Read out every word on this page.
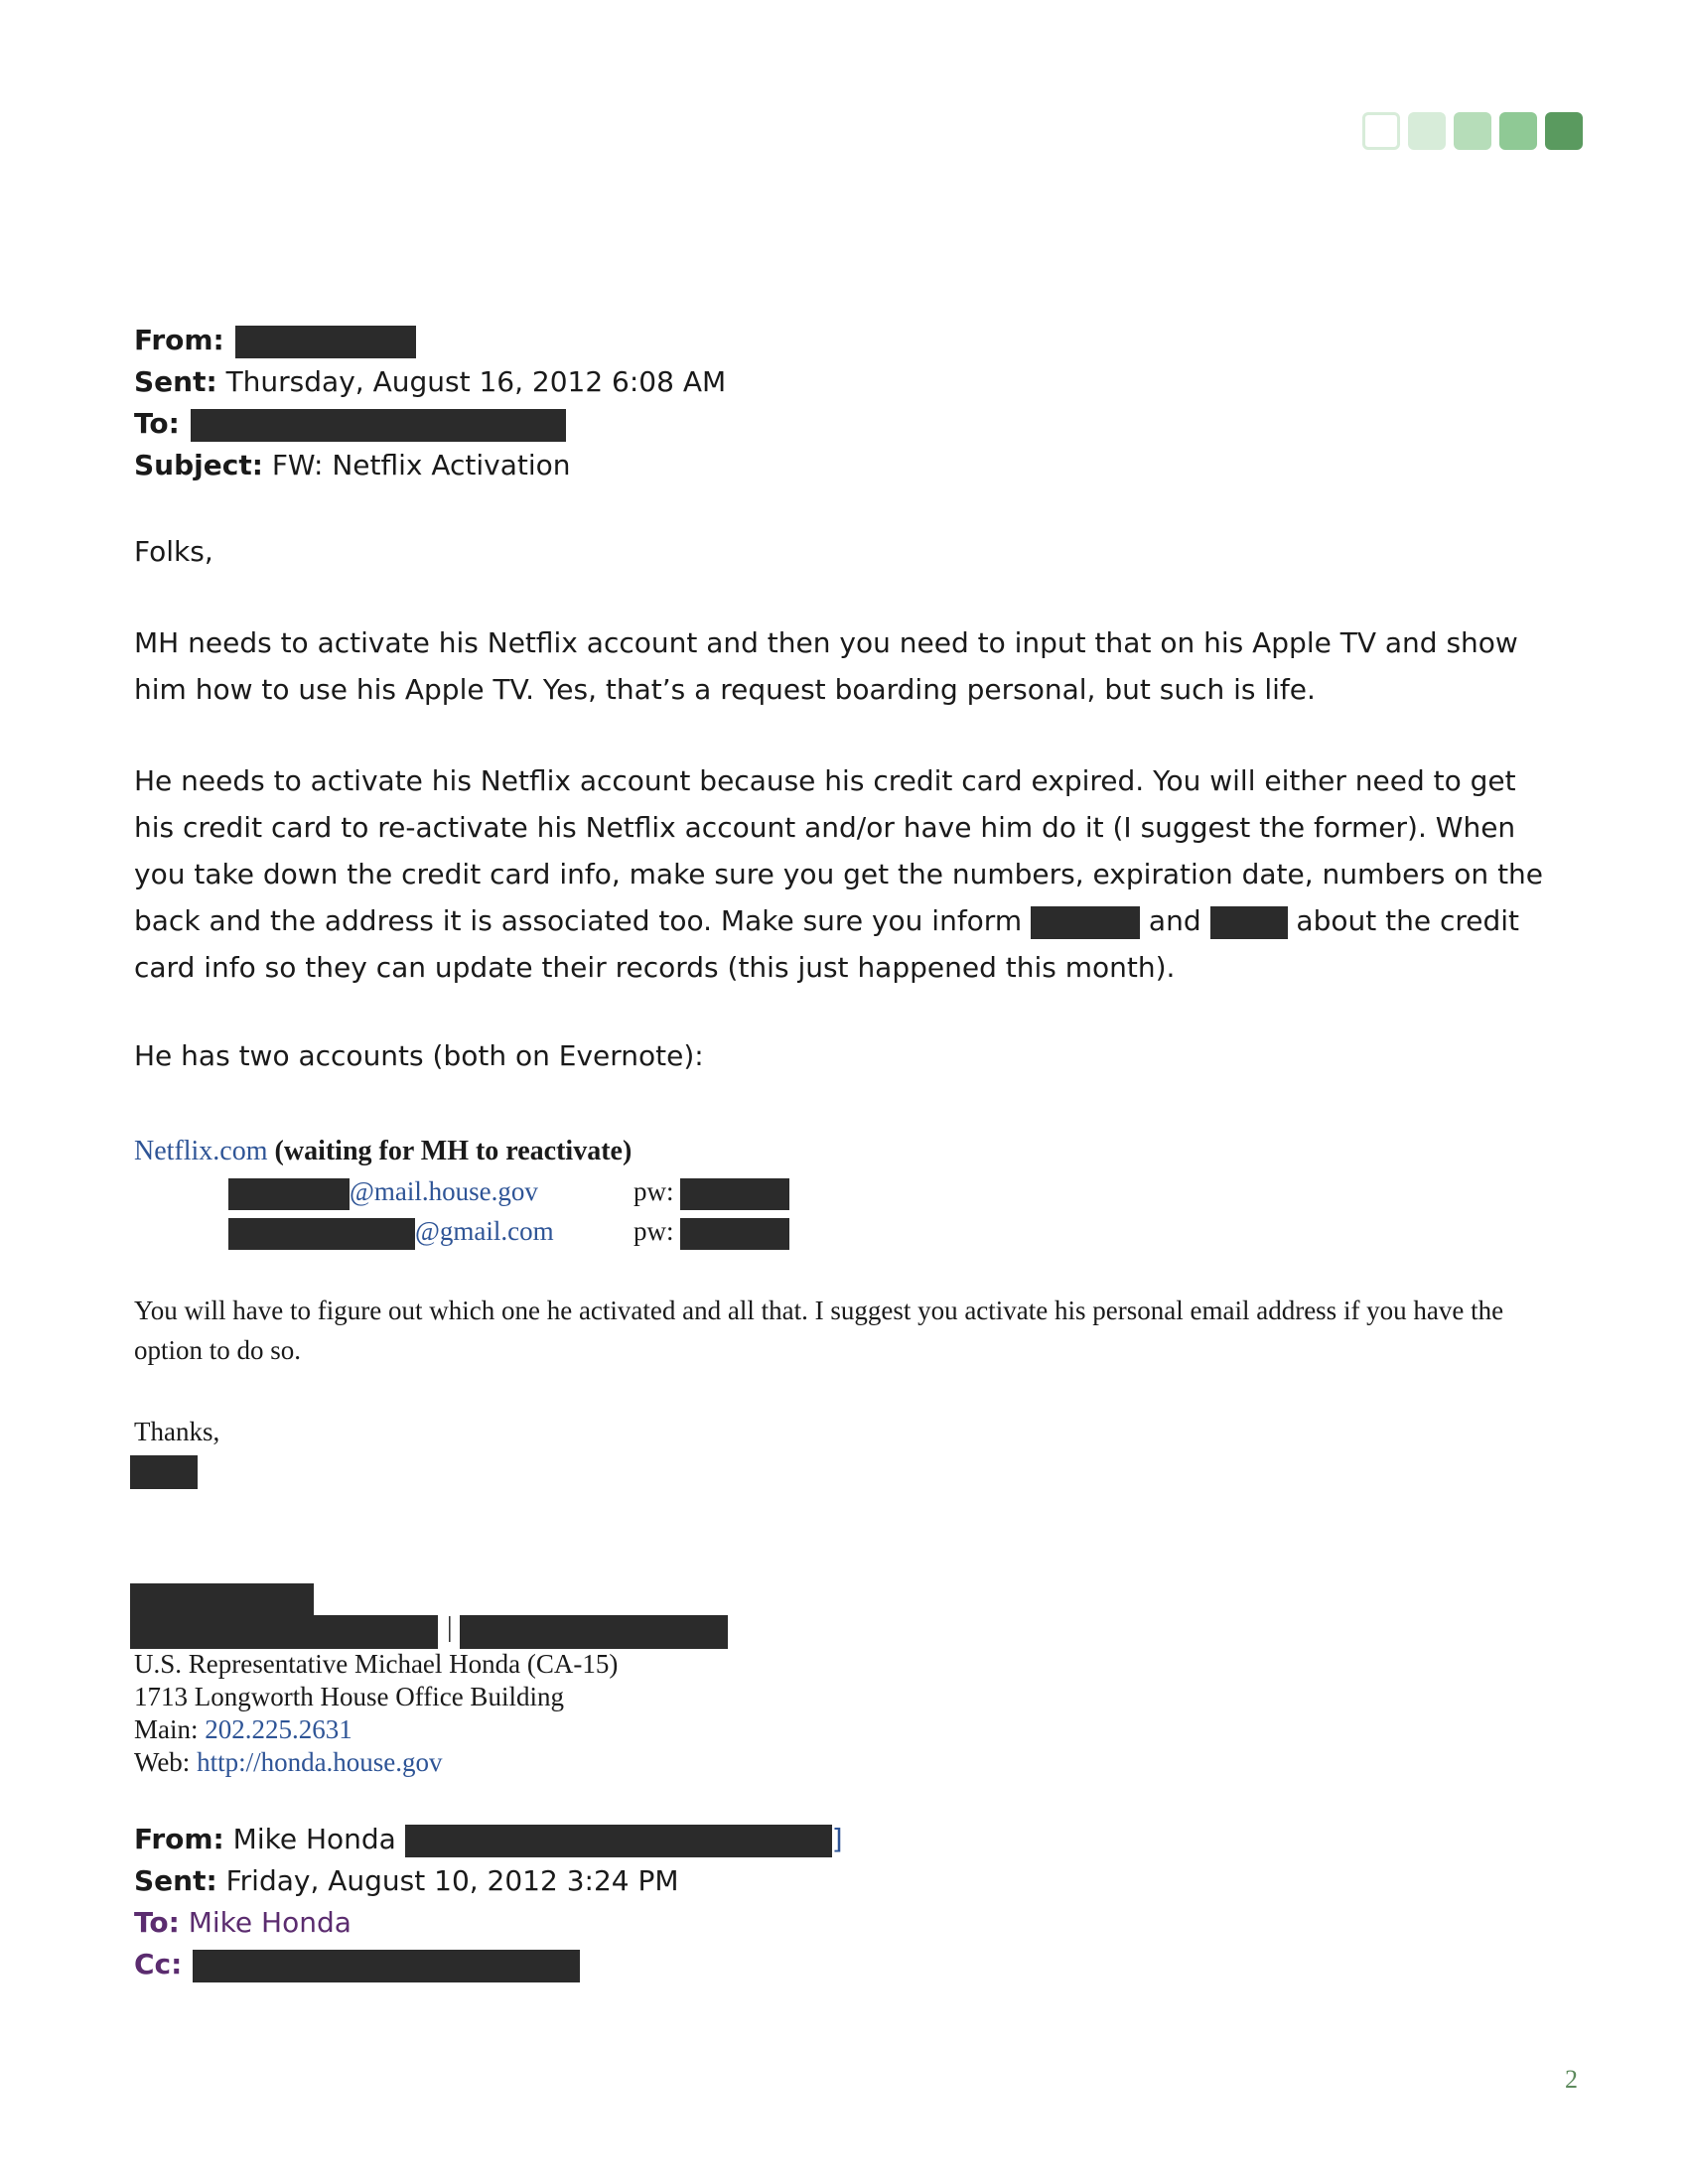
From:
Sent: Thursday, August 16, 2012 6:08 AM
To:
Subject: FW: Netflix Activation
Folks,
MH needs to activate his Netflix account and then you need to input that on his Apple TV and show him how to use his Apple TV. Yes, that’s a request boarding personal, but such is life.
He needs to activate his Netflix account because his credit card expired. You will either need to get his credit card to re-activate his Netflix account and/or have him do it (I suggest the former). When you take down the credit card info, make sure you get the numbers, expiration date, numbers on the back and the address it is associated too. Make sure you inform	and	about the credit card info so they can update their records (this just happened this month).
He has two accounts (both on Evernote):
Netflix.com (waiting for MH to reactivate)
@mail.house.gov	pw:
@gmail.com	pw:
You will have to figure out which one he activated and all that. I suggest you activate his personal email address if you have the option to do so.
Thanks,
|
U.S. Representative Michael Honda (CA-15)
1713 Longworth House Office Building
Main: 202.225.2631
Web: http://honda.house.gov
From: Mike Honda	]
Sent: Friday, August 10, 2012 3:24 PM
To: Mike Honda
Cc:
2
